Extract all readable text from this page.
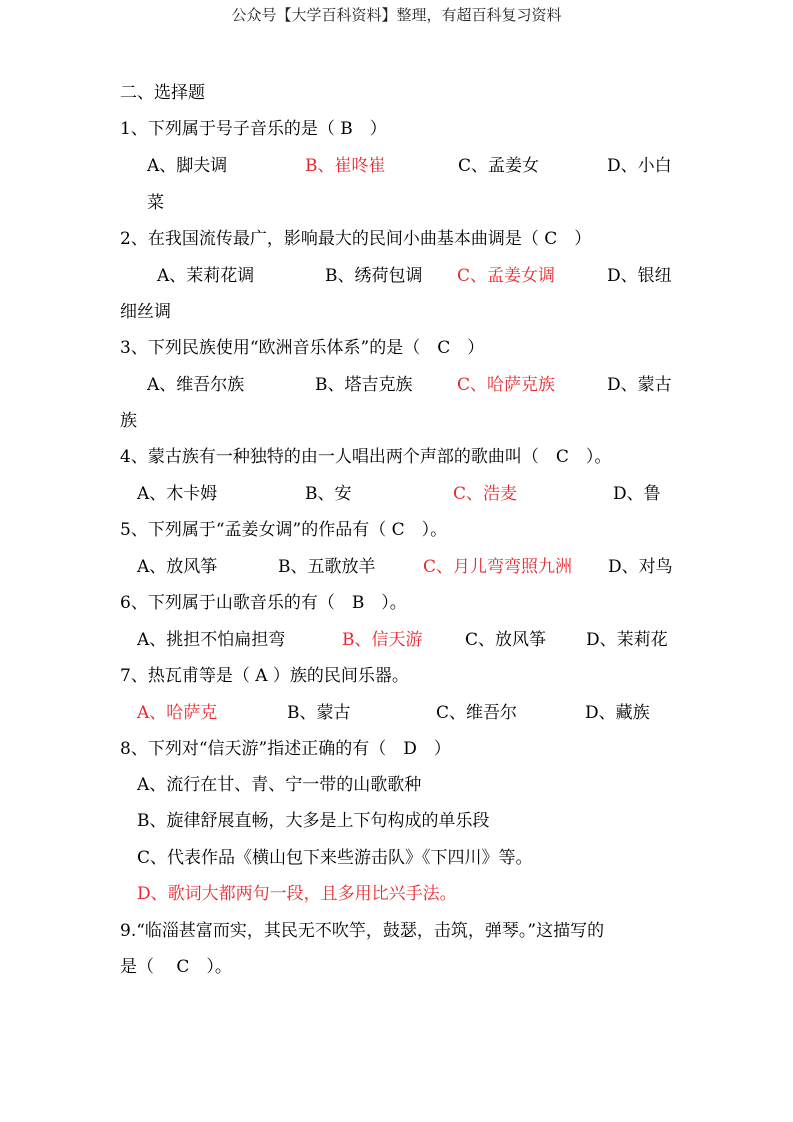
公众号【大学百科资料】整理，有超百科复习资料
二、选择题
1、下列属于号子音乐的是（ B　）
A、脚夫调	B、崔咚崔	C、孟姜女	D、小白
菜
2、在我国流传最广，影响最大的民间小曲基本曲调是（ C　）
A、茉莉花调	B、绣荷包调 C、孟姜女调	D、银纽
细丝调
3、下列民族使用“欧洲音乐体系”的是（　C　）
A、维吾尔族	B、塔吉克族	C、哈萨克族	D、蒙古
族
4、蒙古族有一种独特的由一人唱出两个声部的歌曲叫（　C　）。
A、木卡姆	B、安	C、浩麦	D、鲁
5、下列属于“孟姜女调”的作品有（ C　）。
A、放风筝	B、五歌放羊	C、月儿弯弯照九洲 D、对鸟
6、下列属于山歌音乐的有（　B　）。
A、挑担不怕扁担弯	B、信天游	C、放风筝 D、茉莉花
7、热瓦甫等是（ A ）族的民间乐器。
A、哈萨克	B、蒙古	C、维吾尔	D、藏族
8、下列对“信天游”指述正确的有（　D　）
A、流行在甘、青、宁一带的山歌歌种
B、旋律舒展直畅，大多是上下句构成的单乐段
C、代表作品《横山包下来些游击队》《下四川》等。
D、歌词大都两句一段，且多用比兴手法。
9.“临淄甚富而实，其民无不吹竽，鼓瑟，击筑，弹琴。”这描写的
是（　 C　）。
